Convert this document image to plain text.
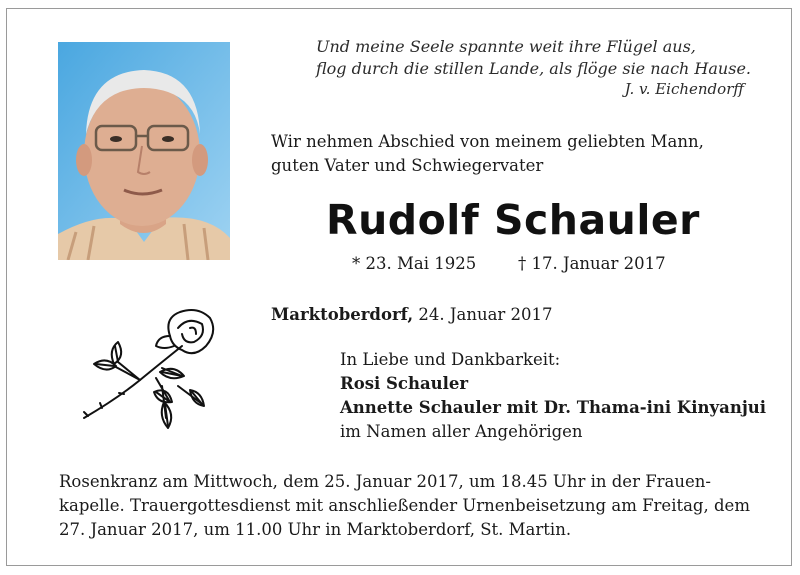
Und meine Seele spannte weit ihre Flügel aus,
flog durch die stillen Lande, als flöge sie nach Hause.
J. v. Eichendorff
Wir nehmen Abschied von meinem geliebten Mann,
guten Vater und Schwiegervater
Rudolf Schauler
* 23. Mai 1925	† 17. Januar 2017
Marktoberdorf, 24. Januar 2017
In Liebe und Dankbarkeit:
Rosi Schauler
Annette Schauler mit Dr. Thama-ini Kinyanjui
im Namen aller Angehörigen
Rosenkranz am Mittwoch, dem 25. Januar 2017, um 18.45 Uhr in der Frauen-
kapelle. Trauergottesdienst mit anschließender Urnenbeisetzung am Freitag, dem
27. Januar 2017, um 11.00 Uhr in Marktoberdorf, St. Martin.
